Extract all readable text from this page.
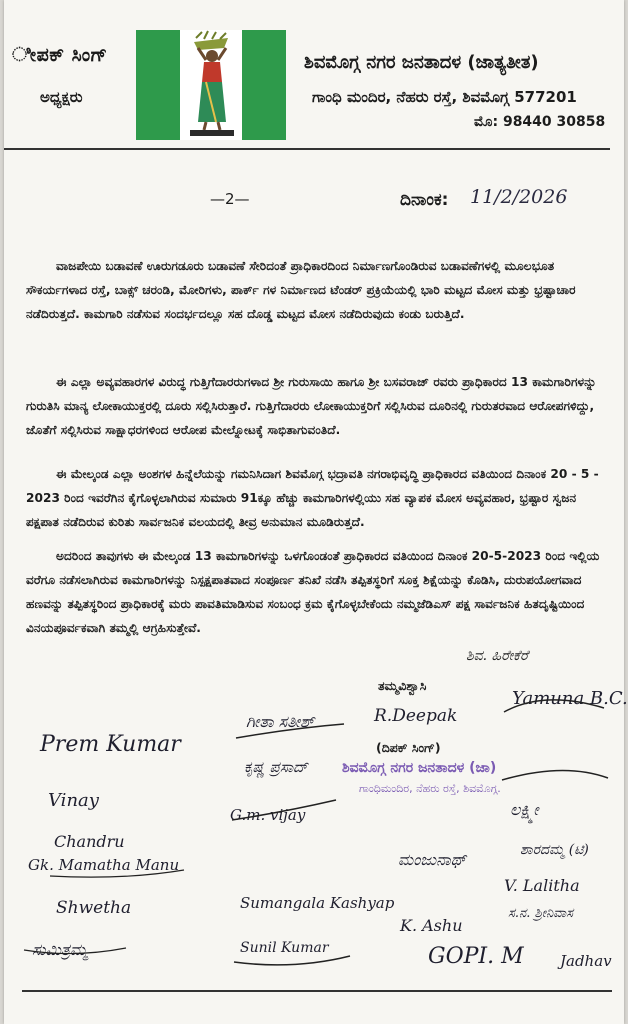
ೀಪಕ್ ಸಿಂಗ್
ಅಧ್ಯಕ್ಷರು
ಶಿವಮೊಗ್ಗ ನಗರ ಜನತಾದಳ (ಜಾತ್ಯತೀತ)
ಗಾಂಧಿ ಮಂದಿರ, ನೆಹರು ರಸ್ತೆ, ಶಿವಮೊಗ್ಗ 577201
ಮೊ: 98440 30858
—2—	ದಿನಾಂಕ: 11/2/2026

ವಾಜಪೇಯಿ ಬಡಾವಣೆ ಊರುಗಡೂರು ಬಡಾವಣೆ ಸೇರಿದಂತೆ ಪ್ರಾಧಿಕಾರದಿಂದ ನಿರ್ಮಾಣಗೊಂಡಿರುವ ಬಡಾವಣೆಗಳಲ್ಲಿ ಮೂಲಭೂತ ಸೌಕರ್ಯಗಳಾದ ರಸ್ತೆ, ಬಾಕ್ಸ್ ಚರಂಡಿ, ಮೋರಿಗಳು, ಪಾರ್ಕ್ ಗಳ ನಿರ್ಮಾಣದ ಟೆಂಡರ್ ಪ್ರಕ್ರಿಯೆಯಲ್ಲಿ ಭಾರಿ ಮಟ್ಟದ ಮೋಸ ಮತ್ತು ಭ್ರಷ್ಟಾಚಾರ ನಡೆದಿರುತ್ತದೆ. ಕಾಮಗಾರಿ ನಡೆಸುವ ಸಂದರ್ಭದಲ್ಲೂ ಸಹ ದೊಡ್ಡ ಮಟ್ಟದ ಮೋಸ ನಡೆದಿರುವುದು ಕಂಡು ಬರುತ್ತಿದೆ.

ಈ ಎಲ್ಲಾ ಅವ್ಯವಹಾರಗಳ ವಿರುದ್ಧ ಗುತ್ತಿಗೆದಾರರುಗಳಾದ ಶ್ರೀ ಗುರುಸಾಯಿ ಹಾಗೂ ಶ್ರೀ ಬಸವರಾಜ್ ರವರು ಪ್ರಾಧಿಕಾರದ 13 ಕಾಮಗಾರಿಗಳನ್ನು ಗುರುತಿಸಿ ಮಾನ್ಯ ಲೋಕಾಯುಕ್ತರಲ್ಲಿ ದೂರು ಸಲ್ಲಿಸಿರುತ್ತಾರೆ. ಗುತ್ತಿಗೆದಾರರು ಲೋಕಾಯುಕ್ತರಿಗೆ ಸಲ್ಲಿಸಿರುವ ದೂರಿನಲ್ಲಿ ಗುರುತರವಾದ ಆರೋಪಗಳಿದ್ದು, ಜೊತೆಗೆ ಸಲ್ಲಿಸಿರುವ ಸಾಕ್ಷಾಧರಗಳಿಂದ ಆರೋಪ ಮೇಲ್ನೋಟಕ್ಕೆ ಸಾಭಿತಾಗುವಂತಿದೆ.

ಈ ಮೇಲ್ಕಂಡ ಎಲ್ಲಾ ಅಂಶಗಳ ಹಿನ್ನೆಲೆಯನ್ನು ಗಮನಿಸಿದಾಗ ಶಿವಮೊಗ್ಗ ಭದ್ರಾವತಿ ನಗರಾಭಿವೃದ್ಧಿ ಪ್ರಾಧಿಕಾರದ ವತಿಯಿಂದ ದಿನಾಂಕ 20 - 5 - 2023 ರಿಂದ ಇವರೆಗಿನ ಕೈಗೊಳ್ಳಲಾಗಿರುವ ಸುಮಾರು 91ಕ್ಕೂ ಹೆಚ್ಚು ಕಾಮಗಾರಿಗಳಲ್ಲಿಯು ಸಹ ವ್ಯಾಪಕ ಮೋಸ ಅವ್ಯವಹಾರ, ಭ್ರಷ್ಟಾರ ಸ್ವಜನ ಪಕ್ಷಪಾತ ನಡೆದಿರುವ ಕುರಿತು ಸಾರ್ವಜನಿಕ ವಲಯದಲ್ಲಿ ತೀವ್ರ ಅನುಮಾನ ಮೂಡಿರುತ್ತದೆ.

ಅದರಿಂದ ತಾವುಗಳು ಈ ಮೇಲ್ಕಂಡ 13 ಕಾಮಗಾರಿಗಳನ್ನು ಒಳಗೊಂಡಂತೆ ಪ್ರಾಧಿಕಾರದ ವತಿಯಿಂದ ದಿನಾಂಕ 20-5-2023 ರಿಂದ ಇಲ್ಲಿಯ ವರೆಗೂ ನಡೆಸಲಾಗಿರುವ ಕಾಮಗಾರಿಗಳನ್ನು ನಿಸ್ಪಕ್ಷಪಾತವಾದ ಸಂಪೂರ್ಣ ತನಿಖೆ ನಡೆಸಿ ತಪ್ಪಿತಸ್ಥರಿಗೆ ಸೂಕ್ತ ಶಿಕ್ಷೆಯನ್ನು ಕೊಡಿಸಿ, ದುರುಪಯೋಗವಾದ ಹಣವನ್ನು ತಪ್ಪಿತಸ್ಥರಿಂದ ಪ್ರಾಧಿಕಾರಕ್ಕೆ ಮರು ಪಾವತಿಮಾಡಿಸುವ ಸಂಬಂಧ ಕ್ರಮ ಕೈಗೊಳ್ಳಬೇಕೆಂದು ನಮ್ಮಜೆಡಿಎಸ್ ಪಕ್ಷ ಸಾರ್ವಜನಿಕ ಹಿತದೃಷ್ಟಿಯಿಂದ ವಿನಯಪೂರ್ವಕವಾಗಿ ತಮ್ಮಲ್ಲಿ ಆಗ್ರಹಿಸುತ್ತೇವೆ.

ಶಿವ. ಹಿರೇಕೆರೆ
ತಮ್ಮವಿಶ್ವಾಸಿ
R.Deepak
(ದಿಪಕ್ ಸಿಂಗ್)
ಶಿವಮೊಗ್ಗ ನಗರ ಜನತಾದಳ (ಜಾ)
ಗಾಂಧಿಮಂದಿರ, ನೆಹರು ರಸ್ತೆ, ಶಿವಮೊಗ್ಗ.
Prem Kumar
ಗೀತಾ ಸತೀಶ್
Yamuna B.C.
ಕೃಷ್ಣ ಪ್ರಸಾದ್
Vinay
G.m. vijay	ಲಕ್ಷ್ಮೀ
Chandru
Gk. Mamatha Manu	ಮಂಜುನಾಥ್	ಶಾರದಮ್ಮ (ಟಿ)
Sumangala Kashyap
V. Lalitha
Shwetha
K. Ashu
ಸ.ನ. ಶ್ರೀನಿವಾಸ
ಸುಮಿತ್ರಮ್ಮ	Sunil Kumar	GOPI. M Jadhav
